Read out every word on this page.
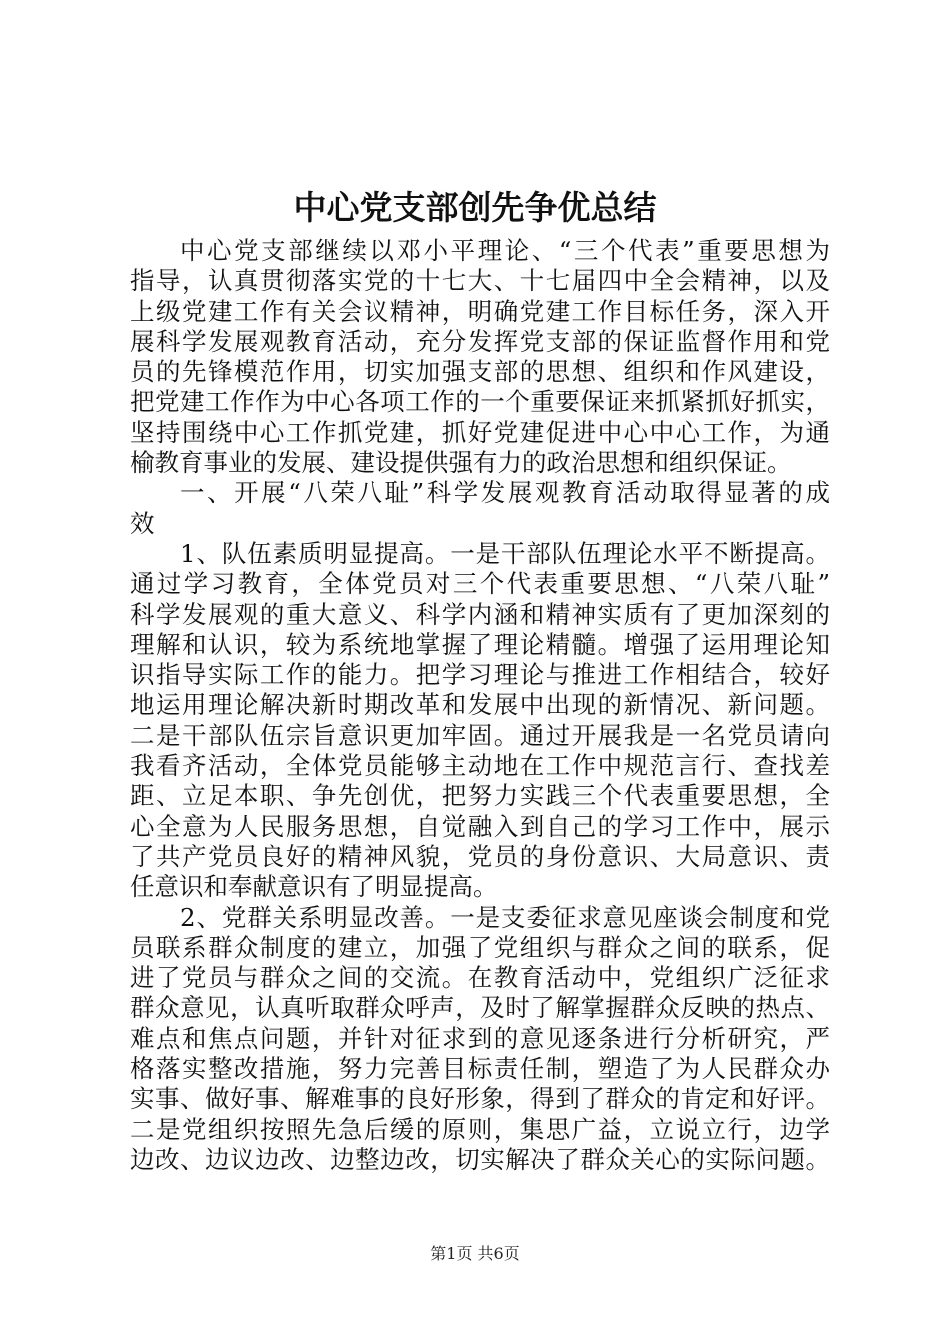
中心党支部创先争优总结
中心党支部继续以邓小平理论、“三个代表”重要思想为
指导，认真贯彻落实党的十七大、十七届四中全会精神，以及
上级党建工作有关会议精神，明确党建工作目标任务，深入开
展科学发展观教育活动，充分发挥党支部的保证监督作用和党
员的先锋模范作用，切实加强支部的思想、组织和作风建设，
把党建工作作为中心各项工作的一个重要保证来抓紧抓好抓实，
坚持围绕中心工作抓党建，抓好党建促进中心中心工作，为通
榆教育事业的发展、建设提供强有力的政治思想和组织保证。
一、开展“八荣八耻”科学发展观教育活动取得显著的成
效
1、队伍素质明显提高。一是干部队伍理论水平不断提高。
通过学习教育，全体党员对三个代表重要思想、“八荣八耻”
科学发展观的重大意义、科学内涵和精神实质有了更加深刻的
理解和认识，较为系统地掌握了理论精髓。增强了运用理论知
识指导实际工作的能力。把学习理论与推进工作相结合，较好
地运用理论解决新时期改革和发展中出现的新情况、新问题。
二是干部队伍宗旨意识更加牢固。通过开展我是一名党员请向
我看齐活动，全体党员能够主动地在工作中规范言行、查找差
距、立足本职、争先创优，把努力实践三个代表重要思想，全
心全意为人民服务思想，自觉融入到自己的学习工作中，展示
了共产党员良好的精神风貌，党员的身份意识、大局意识、责
任意识和奉献意识有了明显提高。
2、党群关系明显改善。一是支委征求意见座谈会制度和党
员联系群众制度的建立，加强了党组织与群众之间的联系，促
进了党员与群众之间的交流。在教育活动中，党组织广泛征求
群众意见，认真听取群众呼声，及时了解掌握群众反映的热点、
难点和焦点问题，并针对征求到的意见逐条进行分析研究，严
格落实整改措施，努力完善目标责任制，塑造了为人民群众办
实事、做好事、解难事的良好形象，得到了群众的肯定和好评。
二是党组织按照先急后缓的原则，集思广益，立说立行，边学
边改、边议边改、边整边改，切实解决了群众关心的实际问题。
第1页 共6页
